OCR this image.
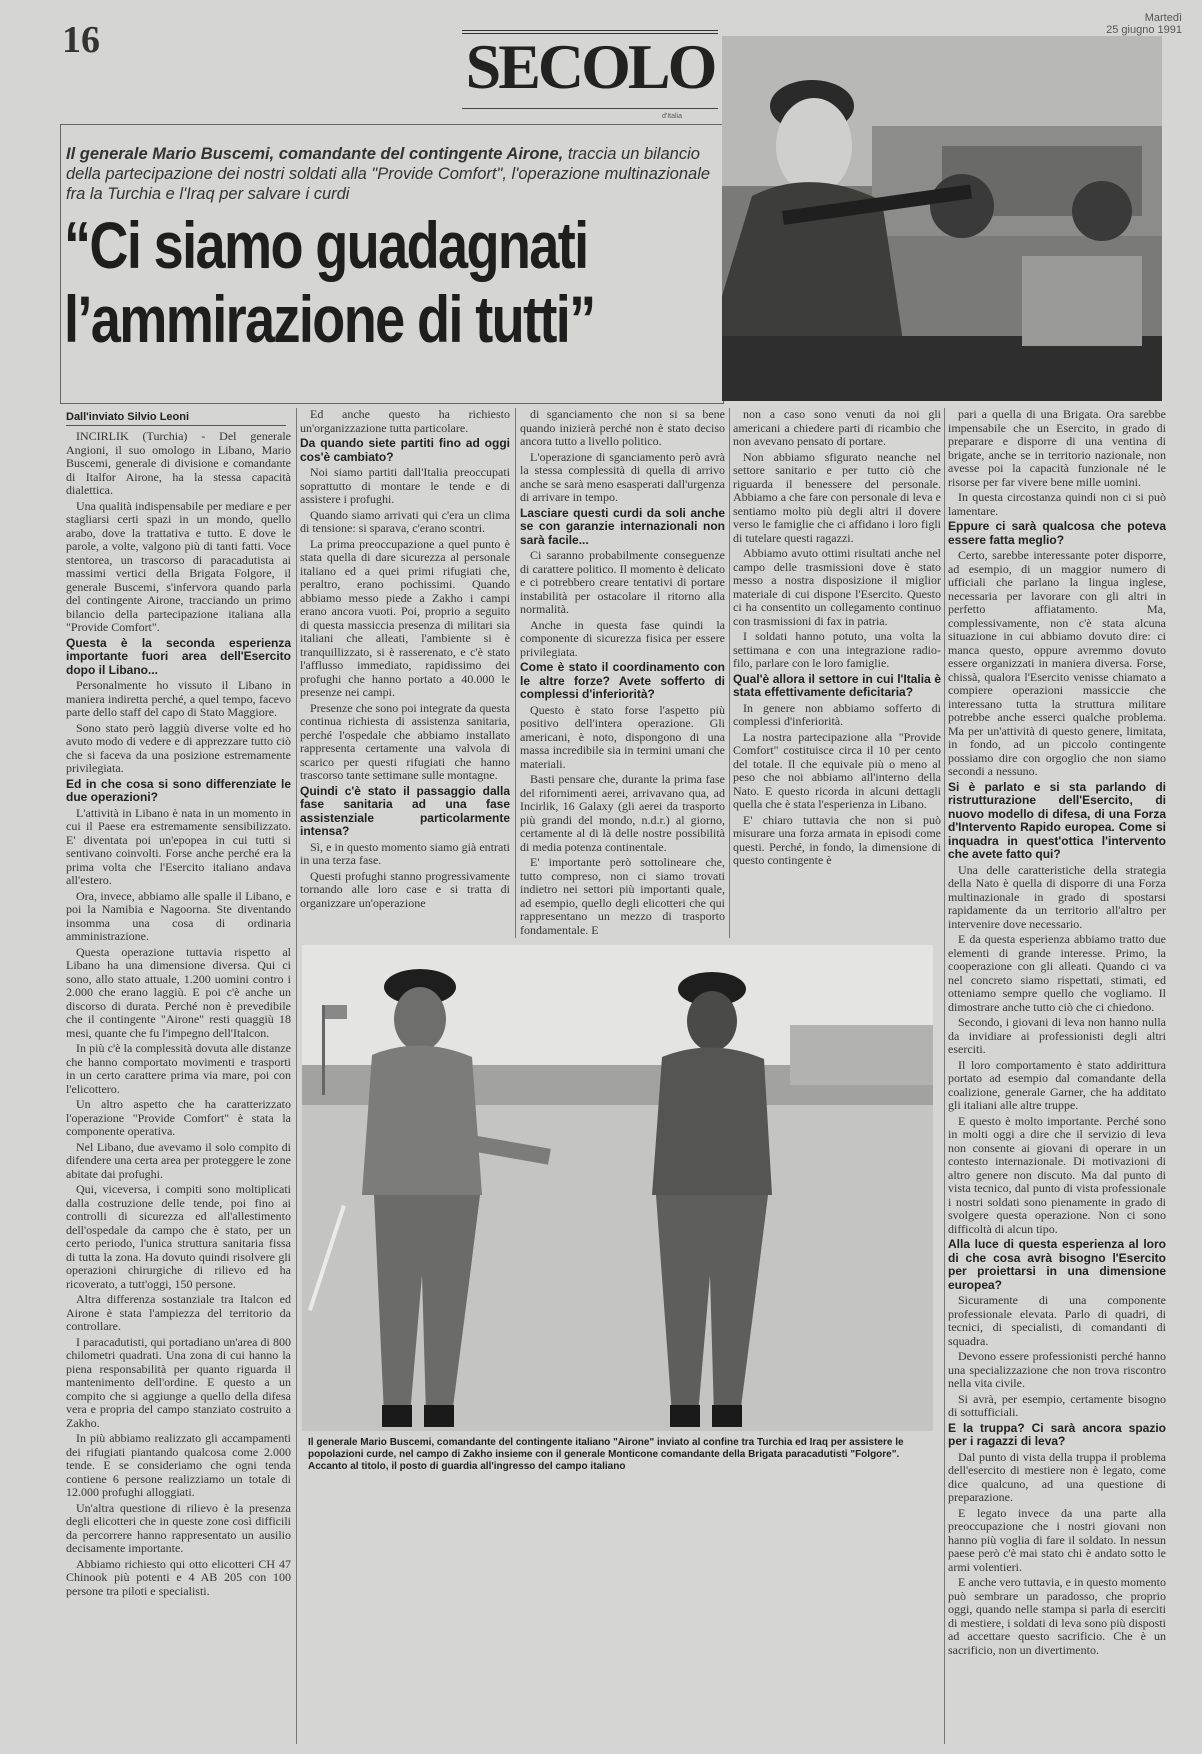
16	SECOLO
d'Italia
Martedì
25 giugno 1991
Il generale Mario Buscemi, comandante del contingente Airone, traccia un bilancio della partecipazione dei nostri soldati alla "Provide Comfort", l'operazione multinazionale fra la Turchia e l'Iraq per salvare i curdi
“Ci siamo guadagnati
l’ammirazione di tutti”
Dall'inviato Silvio Leoni

INCIRLIK (Turchia) - Del generale Angioni, il suo omologo in Libano, Mario Buscemi, generale di divisione e comandante di Italfor Airone, ha la stessa capacità dialettica.

Una qualità indispensabile per mediare e per stagliarsi certi spazi in un mondo, quello arabo, dove la trattativa e tutto. E dove le parole, a volte, valgono più di tanti fatti. Voce stentorea, un trascorso di paracadutista ai massimi vertici della Brigata Folgore, il generale Buscemi, s'infervora quando parla del contingente Airone, tracciando un primo bilancio della partecipazione italiana alla "Provide Comfort".

Questa è la seconda esperienza importante fuori area dell'Esercito dopo il Libano...

Personalmente ho vissuto il Libano in maniera indiretta perché, a quel tempo, facevo parte dello staff del capo di Stato Maggiore.

Sono stato però laggiù diverse volte ed ho avuto modo di vedere e di apprezzare tutto ciò che si faceva da una posizione estremamente privilegiata.

Ed in che cosa si sono differenziate le due operazioni?

L'attività in Libano è nata in un momento in cui il Paese era estremamente sensibilizzato. E' diventata poi un'epopea in cui tutti si sentivano coinvolti. Forse anche perché era la prima volta che l'Esercito italiano andava all'estero.

Ora, invece, abbiamo alle spalle il Libano, e poi la Namibia e Nagoorna. Ste diventando insomma una cosa di ordinaria amministrazione.

Questa operazione tuttavia rispetto al Libano ha una dimensione diversa. Qui ci sono, allo stato attuale, 1.200 uomini contro i 2.000 che erano laggiù. E poi c'è anche un discorso di durata. Perché non è prevedibile che il contingente "Airone" resti quaggiù 18 mesi, quante che fu l'impegno dell'Italcon.

In più c'è la complessità dovuta alle distanze che hanno comportato movimenti e trasporti in un certo carattere prima via mare, poi con l'elicottero.

Un altro aspetto che ha caratterizzato l'operazione "Provide Comfort" è stata la componente operativa.

Nel Libano, due avevamo il solo compito di difendere una certa area per proteggere le zone abitate dai profughi.

Qui, viceversa, i compiti sono moltiplicati dalla costruzione delle tende, poi fino ai controlli di sicurezza ed all'allestimento dell'ospedale da campo che è stato, per un certo periodo, l'unica struttura sanitaria fissa di tutta la zona. Ha dovuto quindi risolvere gli operazioni chirurgiche di rilievo ed ha ricoverato, a tutt'oggi, 150 persone.

Altra differenza sostanziale tra Italcon ed Airone è stata l'ampiezza del territorio da controllare.

I paracadutisti, qui portadiano un'area di 800 chilometri quadrati. Una zona di cui hanno la piena responsabilità per quanto riguarda il mantenimento dell'ordine. E questo a un compito che si aggiunge a quello della difesa vera e propria del campo stanziato costruito a Zakho.

In più abbiamo realizzato gli accampamenti dei rifugiati piantando qualcosa come 2.000 tende. E se consideriamo che ogni tenda contiene 6 persone realizziamo un totale di 12.000 profughi alloggiati.

Un'altra questione di rilievo è la presenza degli elicotteri che in queste zone così difficili da percorrere hanno rappresentato un ausilio decisamente importante.

Abbiamo richiesto qui otto elicotteri CH 47 Chinook più potenti e 4 AB 205 con 100 persone tra piloti e specialisti.

Ed anche questo ha richiesto un'organizzazione tutta particolare.

Da quando siete partiti fino ad oggi cos'è cambiato?

Noi siamo partiti dall'Italia preoccupati soprattutto di montare le tende e di assistere i profughi.

Quando siamo arrivati qui c'era un clima di tensione: si sparava, c'erano scontri.

La prima preoccupazione a quel punto è stata quella di dare sicurezza al personale italiano ed a quei primi rifugiati che, peraltro, erano pochissimi. Quando abbiamo messo piede a Zakho i campi erano ancora vuoti. Poi, proprio a seguito di questa massiccia presenza di militari sia italiani che alleati, l'ambiente si è tranquillizzato, si è rasserenato, e c'è stato l'afflusso immediato, rapidissimo dei profughi che hanno portato a 40.000 le presenze nei campi.

Presenze che sono poi integrate da questa continua richiesta di assistenza sanitaria, perché l'ospedale che abbiamo installato rappresenta certamente una valvola di scarico per questi rifugiati che hanno trascorso tante settimane sulle montagne.

Quindi c'è stato il passaggio dalla fase sanitaria ad una fase assistenziale particolarmente intensa?

Sì, e in questo momento siamo già entrati in una terza fase.

Questi profughi stanno progressivamente tornando alle loro case e si tratta di organizzare un'operazione

di sganciamento che non si sa bene quando inizierà perché non è stato deciso ancora tutto a livello politico.

L'operazione di sganciamento però avrà la stessa complessità di quella di arrivo anche se sarà meno esasperati dall'urgenza di arrivare in tempo.

Lasciare questi curdi da soli anche se con garanzie internazionali non sarà facile...

Ci saranno probabilmente conseguenze di carattere politico. Il momento è delicato e ci potrebbero creare tentativi di portare instabilità per ostacolare il ritorno alla normalità.

Anche in questa fase quindi la componente di sicurezza fisica per essere privilegiata.

Come è stato il coordinamento con le altre forze? Avete sofferto di complessi d'inferiorità?

Questo è stato forse l'aspetto più positivo dell'intera operazione. Gli americani, è noto, dispongono di una massa incredibile sia in termini umani che materiali.

Basti pensare che, durante la prima fase del rifornimenti aerei, arrivavano qua, ad Incirlik, 16 Galaxy (gli aerei da trasporto più grandi del mondo, n.d.r.) al giorno, certamente al di là delle nostre possibilità di media potenza continentale.

E' importante però sottolineare che, tutto compreso, non ci siamo trovati indietro nei settori più importanti quale, ad esempio, quello degli elicotteri che qui rappresentano un mezzo di trasporto fondamentale. E

non a caso sono venuti da noi gli americani a chiedere parti di ricambio che non avevano pensato di portare.

Non abbiamo sfigurato neanche nel settore sanitario e per tutto ciò che riguarda il benessere del personale. Abbiamo a che fare con personale di leva e sentiamo molto più degli altri il dovere verso le famiglie che ci affidano i loro figli di tutelare questi ragazzi.

Abbiamo avuto ottimi risultati anche nel campo delle trasmissioni dove è stato messo a nostra disposizione il miglior materiale di cui dispone l'Esercito. Questo ci ha consentito un collegamento continuo con trasmissioni di fax in patria.

I soldati hanno potuto, una volta la settimana e con una integrazione radio-filo, parlare con le loro famiglie.

Qual'è allora il settore in cui l'Italia è stata effettivamente deficitaria?

In genere non abbiamo sofferto di complessi d'inferiorità.

La nostra partecipazione alla "Provide Comfort" costituisce circa il 10 per cento del totale. Il che equivale più o meno al peso che noi abbiamo all'interno della Nato. E questo ricorda in alcuni dettagli quella che è stata l'esperienza in Libano.

E' chiaro tuttavia che non si può misurare una forza armata in episodi come questi. Perché, in fondo, la dimensione di questo contingente è

pari a quella di una Brigata. Ora sarebbe impensabile che un Esercito, in grado di preparare e disporre di una ventina di brigate, anche se in territorio nazionale, non avesse poi la capacità funzionale né le risorse per far vivere bene mille uomini.

In questa circostanza quindi non ci si può lamentare.

Eppure ci sarà qualcosa che poteva essere fatta meglio?

Certo, sarebbe interessante poter disporre, ad esempio, di un maggior numero di ufficiali che parlano la lingua inglese, necessaria per lavorare con gli altri in perfetto affiatamento. Ma, complessivamente, non c'è stata alcuna situazione in cui abbiamo dovuto dire: ci manca questo, oppure avremmo dovuto essere organizzati in maniera diversa. Forse, chissà, qualora l'Esercito venisse chiamato a compiere operazioni massiccie che interessano tutta la struttura militare potrebbe anche esserci qualche problema. Ma per un'attività di questo genere, limitata, in fondo, ad un piccolo contingente possiamo dire con orgoglio che non siamo secondi a nessuno.

Si è parlato e si sta parlando di ristrutturazione dell'Esercito, di nuovo modello di difesa, di una Forza d'Intervento Rapido europea. Come si inquadra in quest'ottica l'intervento che avete fatto qui?

Una delle caratteristiche della strategia della Nato è quella di disporre di una Forza multinazionale in grado di spostarsi rapidamente da un territorio all'altro per intervenire dove necessario.

E da questa esperienza abbiamo tratto due elementi di grande interesse. Primo, la cooperazione con gli alleati. Quando ci va nel concreto siamo rispettati, stimati, ed otteniamo sempre quello che vogliamo. Il dimostrare anche tutto ciò che ci chiedono.

Secondo, i giovani di leva non hanno nulla da invidiare ai professionisti degli altri eserciti.

Il loro comportamento è stato addirittura portato ad esempio dal comandante della coalizione, generale Garner, che ha additato gli italiani alle altre truppe.

E questo è molto importante. Perché sono in molti oggi a dire che il servizio di leva non consente ai giovani di operare in un contesto internazionale. Di motivazioni di altro genere non discuto. Ma dal punto di vista tecnico, dal punto di vista professionale i nostri soldati sono pienamente in grado di svolgere questa operazione. Non ci sono difficoltà di alcun tipo.

Alla luce di questa esperienza al loro di che cosa avrà bisogno l'Esercito per proiettarsi in una dimensione europea?

Sicuramente di una componente professionale elevata. Parlo di quadri, di tecnici, di specialisti, di comandanti di squadra.

Devono essere professionisti perché hanno una specializzazione che non trova riscontro nella vita civile.

Si avrà, per esempio, certamente bisogno di sottufficiali.

E la truppa? Ci sarà ancora spazio per i ragazzi di leva?

Dal punto di vista della truppa il problema dell'esercito di mestiere non è legato, come dice qualcuno, ad una questione di preparazione.

E legato invece da una parte alla preoccupazione che i nostri giovani non hanno più voglia di fare il soldato. In nessun paese però c'è mai stato chi è andato sotto le armi volentieri.

E anche vero tuttavia, e in questo momento può sembrare un paradosso, che proprio oggi, quando nelle stampa si parla di eserciti di mestiere, i soldati di leva sono più disposti ad accettare questo sacrificio. Che è un sacrificio, non un divertimento.

Il generale Mario Buscemi, comandante del contingente italiano "Airone" inviato al confine tra Turchia ed Iraq per assistere le popolazioni curde, nel campo di Zakho insieme con il generale Monticone comandante della Brigata paracadutisti "Folgore". Accanto al titolo, il posto di guardia all'ingresso del campo italiano
